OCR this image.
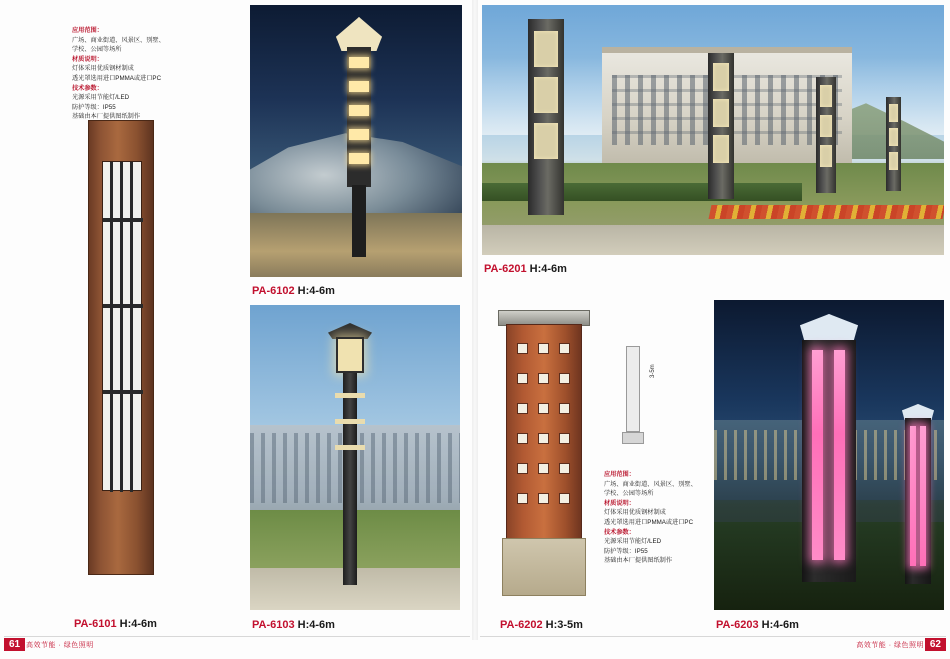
应用范围：
广场、商业街道、风景区、别墅、
学校、公园等场所
材质说明：
灯体采用优质钢材制成
透光罩选用进口PMMA或进口PC
技术参数：
光源采用节能灯/LED
防护等级：IP55
基础由本厂提供图纸制作
PA-6101 H:4-6m
PA-6102 H:4-6m
PA-6103 H:4-6m
PA-6201 H:4-6m
PA-6202 H:3-5m
3-5m
应用范围：
广场、商业街道、风景区、别墅、
学校、公园等场所
材质说明：
灯体采用优质钢材制成
透光罩选用进口PMMA或进口PC
技术参数：
光源采用节能灯/LED
防护等级：IP55
基础由本厂提供图纸制作
PA-6203 H:4-6m
61 高效节能 · 绿色照明	62
高效节能 · 绿色照明
